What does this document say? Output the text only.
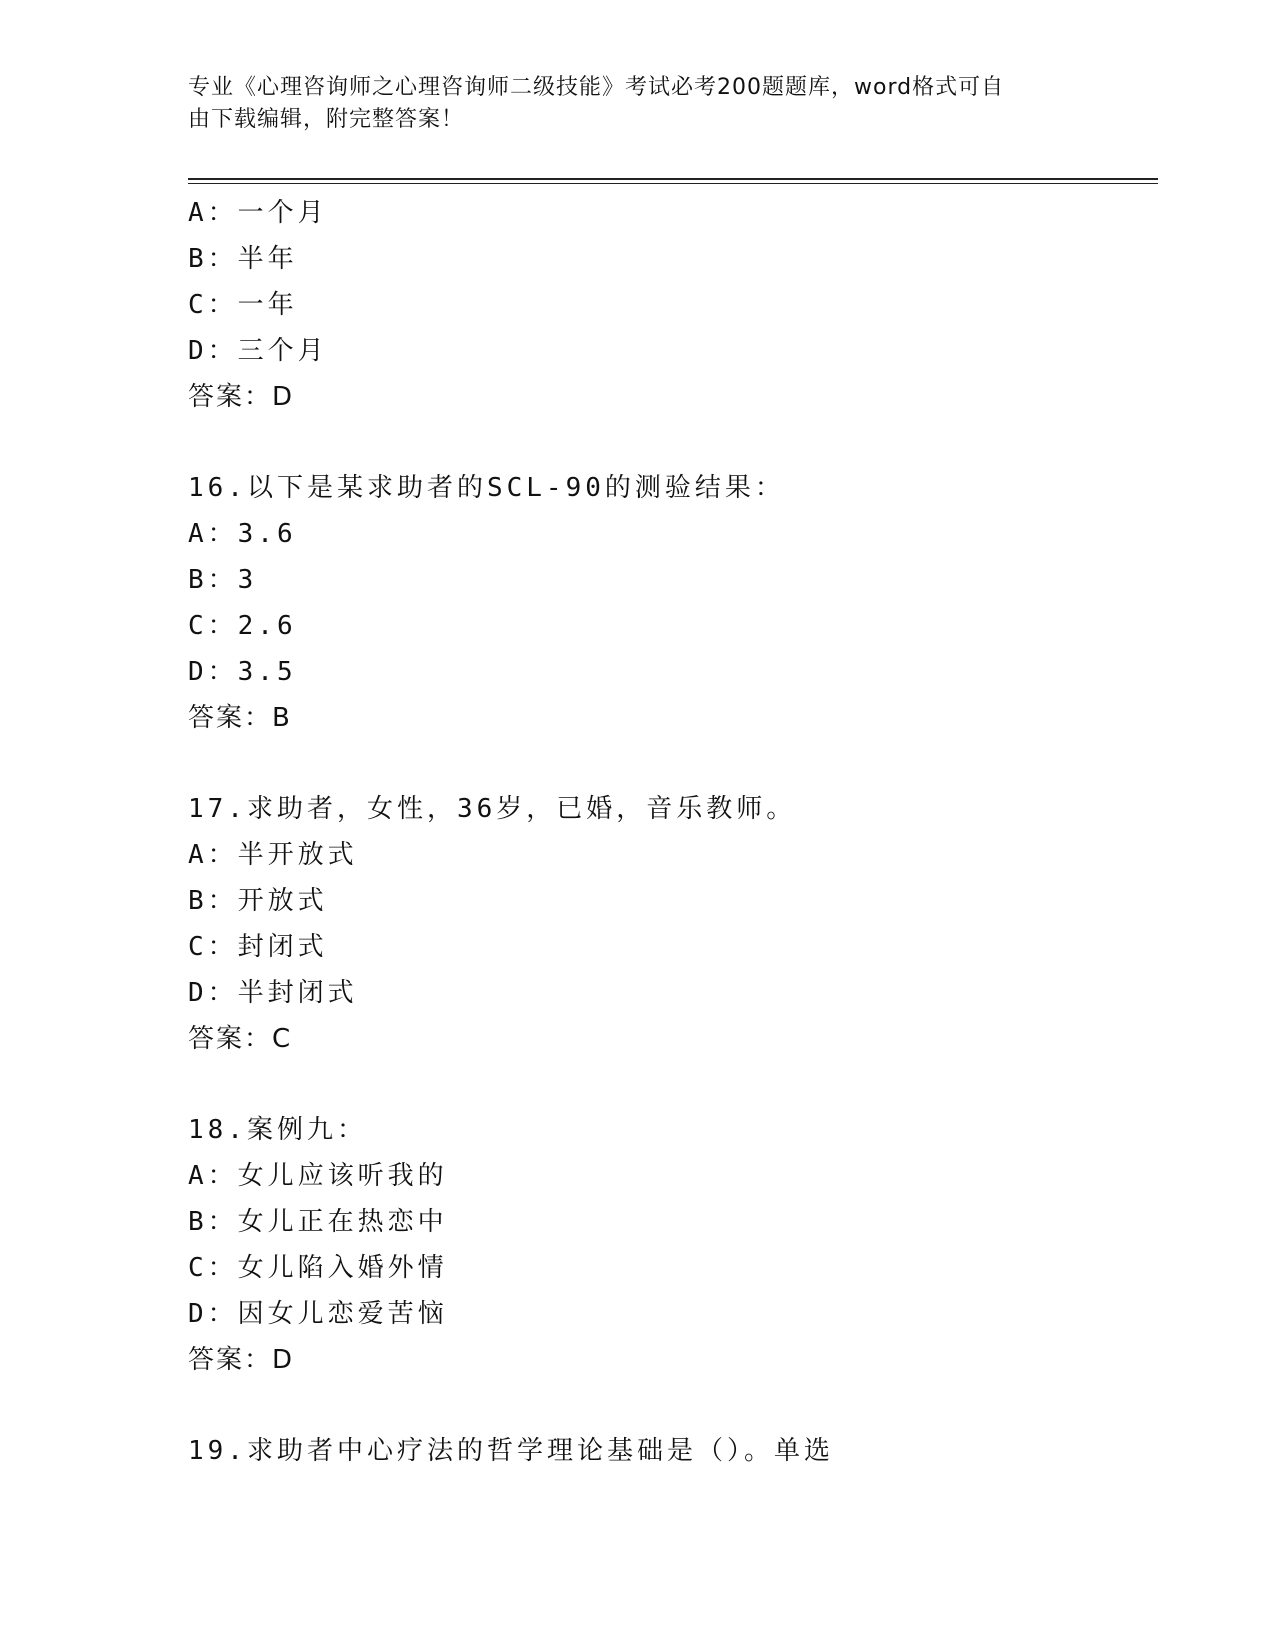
专业《心理咨询师之心理咨询师二级技能》考试必考200题题库，word格式可自
由下载编辑，附完整答案！
A：一个月
B：半年
C：一年
D：三个月
答案：D
16.以下是某求助者的SCL-90的测验结果：
A：3.6
B：3
C：2.6
D：3.5
答案：B
17.求助者，女性，36岁，已婚，音乐教师。
A：半开放式
B：开放式
C：封闭式
D：半封闭式
答案：C
18.案例九：
A：女儿应该听我的
B：女儿正在热恋中
C：女儿陷入婚外情
D：因女儿恋爱苦恼
答案：D
19.求助者中心疗法的哲学理论基础是（）。单选
